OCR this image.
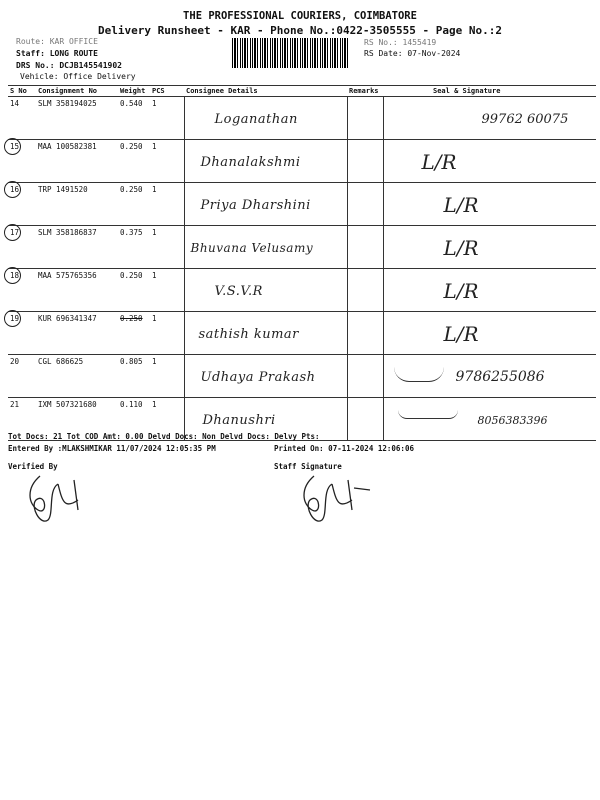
THE PROFESSIONAL COURIERS, COIMBATORE
Delivery Runsheet - KAR - Phone No.:0422-3505555 - Page No.:2
Route: KAR OFFICE
Staff: LONG ROUTE
DRS No.: DCJB145541902
Vehicle: Office Delivery
RS No.: 1455419
RS Date: 07-Nov-2024
S No	Consignment No	Weight	PCS	Consignee Details	Remarks	Seal & Signature
14	SLM 358194025	0.540	1	Loganathan		99762 60075

15	MAA 100582381	0.250	1	Dhanalakshmi		L/R

16	TRP 1491520	0.250	1	Priya Dharshini		L/R

17	SLM 358186837	0.375	1	Bhuvana Velusamy		L/R

18	MAA 575765356	0.250	1	V.S.V.R		L/R

19	KUR 696341347	0.250	1	sathish kumar		L/R
20	CGL 686625	0.805	1	Udhaya Prakash		9786255086
21	IXM 507321680	0.110	1	Dhanushri		8056383396
Tot Docs: 21 Tot COD Amt: 0.00 Delvd Docs: Non Delvd Docs: Delvy Pts:
Entered By :MLAKSHMIKAR 11/07/2024 12:05:35 PM	Printed On: 07-11-2024 12:06:06
Verified By	Staff Signature
